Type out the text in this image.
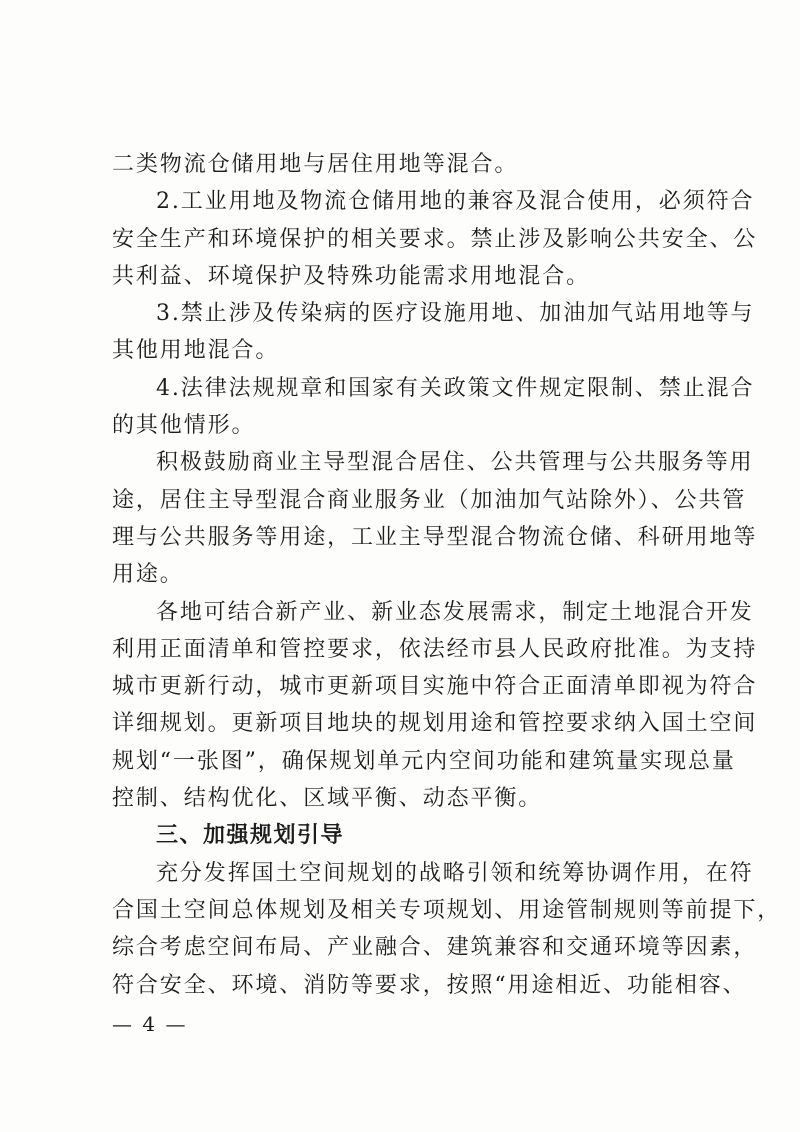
二类物流仓储用地与居住用地等混合。
2.工业用地及物流仓储用地的兼容及混合使用，必须符合
安全生产和环境保护的相关要求。禁止涉及影响公共安全、公
共利益、环境保护及特殊功能需求用地混合。
3.禁止涉及传染病的医疗设施用地、加油加气站用地等与
其他用地混合。
4.法律法规规章和国家有关政策文件规定限制、禁止混合
的其他情形。
积极鼓励商业主导型混合居住、公共管理与公共服务等用
途，居住主导型混合商业服务业（加油加气站除外）、公共管
理与公共服务等用途，工业主导型混合物流仓储、科研用地等
用途。
各地可结合新产业、新业态发展需求，制定土地混合开发
利用正面清单和管控要求，依法经市县人民政府批准。为支持
城市更新行动，城市更新项目实施中符合正面清单即视为符合
详细规划。更新项目地块的规划用途和管控要求纳入国土空间
规划“一张图”，确保规划单元内空间功能和建筑量实现总量
控制、结构优化、区域平衡、动态平衡。
三、加强规划引导
充分发挥国土空间规划的战略引领和统筹协调作用，在符
合国土空间总体规划及相关专项规划、用途管制规则等前提下，
综合考虑空间布局、产业融合、建筑兼容和交通环境等因素，
符合安全、环境、消防等要求，按照“用途相近、功能相容、
— 4 —
